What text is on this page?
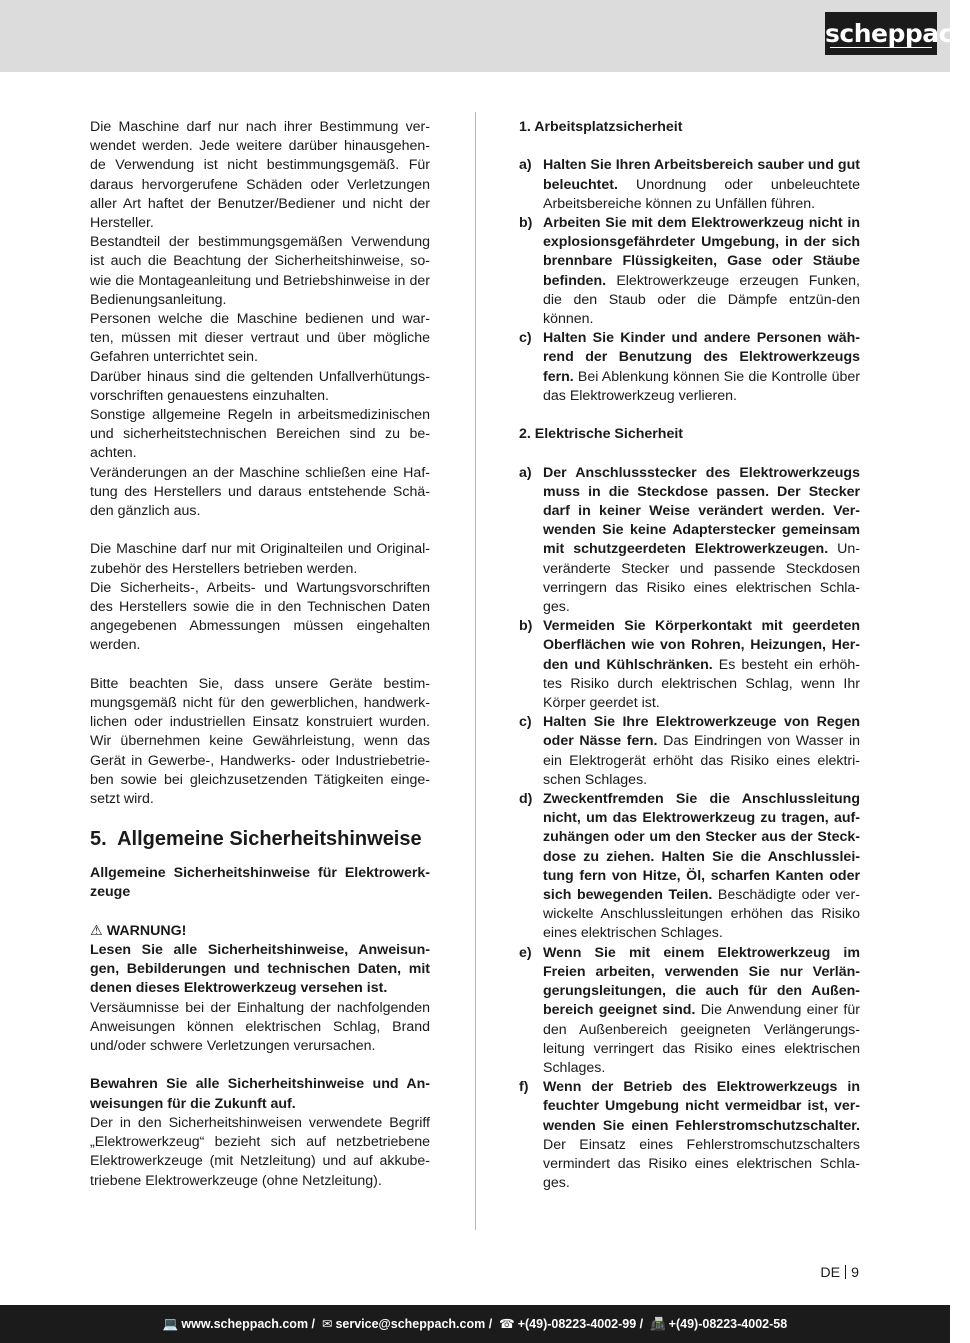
scheppach

Die Maschine darf nur nach ihrer Bestimmung ver-wendet werden. Jede weitere darüber hinausgehen-de Verwendung ist nicht bestimmungsgemäß. Für daraus hervorgerufene Schäden oder Verletzungen aller Art haftet der Benutzer/Bediener und nicht der Hersteller.

Bestandteil der bestimmungsgemäßen Verwendung ist auch die Beachtung der Sicherheitshinweise, so-wie die Montageanleitung und Betriebshinweise in der Bedienungsanleitung.

Personen welche die Maschine bedienen und war-ten, müssen mit dieser vertraut und über mögliche Gefahren unterrichtet sein.

Darüber hinaus sind die geltenden Unfallverhütungs-vorschriften genauestens einzuhalten.

Sonstige allgemeine Regeln in arbeitsmedizinischen und sicherheitstechnischen Bereichen sind zu be-achten.

Veränderungen an der Maschine schließen eine Haf-tung des Herstellers und daraus entstehende Schä-den gänzlich aus.

Die Maschine darf nur mit Originalteilen und Original-zubehör des Herstellers betrieben werden.

Die Sicherheits-, Arbeits- und Wartungsvorschriften des Herstellers sowie die in den Technischen Daten angegebenen Abmessungen müssen eingehalten werden.

Bitte beachten Sie, dass unsere Geräte bestim-mungsgemäß nicht für den gewerblichen, handwerk-lichen oder industriellen Einsatz konstruiert wurden. Wir übernehmen keine Gewährleistung, wenn das Gerät in Gewerbe-, Handwerks- oder Industriebetrie-ben sowie bei gleichzusetzenden Tätigkeiten einge-setzt wird.

5. Allgemeine Sicherheitshinweise

Allgemeine Sicherheitshinweise für Elektrowerk-zeuge

⚠ WARNUNG!

Lesen Sie alle Sicherheitshinweise, Anweisun-gen, Bebilderungen und technischen Daten, mit denen dieses Elektrowerkzeug versehen ist.

Versäumnisse bei der Einhaltung der nachfolgenden Anweisungen können elektrischen Schlag, Brand und/oder schwere Verletzungen verursachen.

Bewahren Sie alle Sicherheitshinweise und An-weisungen für die Zukunft auf.

Der in den Sicherheitshinweisen verwendete Begriff „Elektrowerkzeug“ bezieht sich auf netzbetriebene Elektrowerkzeuge (mit Netzleitung) und auf akkube-triebene Elektrowerkzeuge (ohne Netzleitung).

1. Arbeitsplatzsicherheit

a) Halten Sie Ihren Arbeitsbereich sauber und gut beleuchtet. Unordnung oder unbeleuchtete Arbeitsbereiche können zu Unfällen führen.
b) Arbeiten Sie mit dem Elektrowerkzeug nicht in explosionsgefährdeter Umgebung, in der sich brennbare Flüssigkeiten, Gase oder Stäube befinden. Elektrowerkzeuge erzeugen Funken, die den Staub oder die Dämpfe entzün-den können.
c) Halten Sie Kinder und andere Personen wäh-rend der Benutzung des Elektrowerkzeugs fern. Bei Ablenkung können Sie die Kontrolle über das Elektrowerkzeug verlieren.

2. Elektrische Sicherheit

a) Der Anschlussstecker des Elektrowerkzeugs muss in die Steckdose passen. Der Stecker darf in keiner Weise verändert werden. Ver-wenden Sie keine Adapterstecker gemeinsam mit schutzgeerdeten Elektrowerkzeugen. Un-veränderte Stecker und passende Steckdosen verringern das Risiko eines elektrischen Schla-ges.
b) Vermeiden Sie Körperkontakt mit geerdeten Oberflächen wie von Rohren, Heizungen, Her-den und Kühlschränken. Es besteht ein erhöh-tes Risiko durch elektrischen Schlag, wenn Ihr Körper geerdet ist.
c) Halten Sie Ihre Elektrowerkzeuge von Regen oder Nässe fern. Das Eindringen von Wasser in ein Elektrogerät erhöht das Risiko eines elektri-schen Schlages.
d) Zweckentfremden Sie die Anschlussleitung nicht, um das Elektrowerkzeug zu tragen, auf-zuhängen oder um den Stecker aus der Steck-dose zu ziehen. Halten Sie die Anschlusslei-tung fern von Hitze, Öl, scharfen Kanten oder sich bewegenden Teilen. Beschädigte oder ver-wickelte Anschlussleitungen erhöhen das Risiko eines elektrischen Schlages.
e) Wenn Sie mit einem Elektrowerkzeug im Freien arbeiten, verwenden Sie nur Verlän-gerungsleitungen, die auch für den Außen-bereich geeignet sind. Die Anwendung einer für den Außenbereich geeigneten Verlängerungs-leitung verringert das Risiko eines elektrischen Schlages.
f)	Wenn der Betrieb des Elektrowerkzeugs in feuchter Umgebung nicht vermeidbar ist, ver-wenden Sie einen Fehlerstromschutzschalter. Der Einsatz eines Fehlerstromschutzschalters vermindert das Risiko eines elektrischen Schla-ges.
DE 9
💻 www.scheppach.com / ✉ service@scheppach.com / ☎ +(49)-08223-4002-99 / 📠 +(49)-08223-4002-58
